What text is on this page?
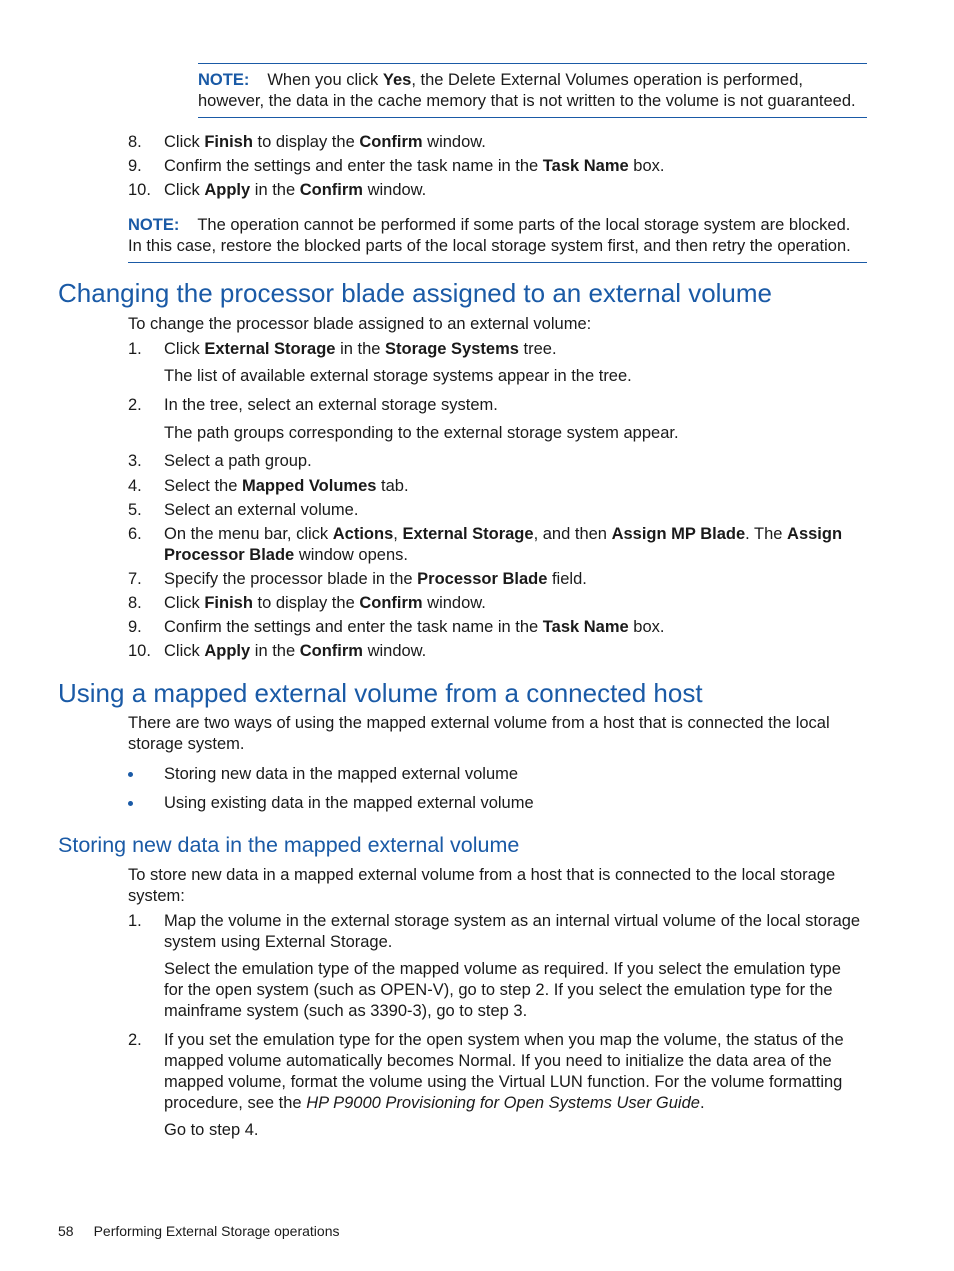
NOTE: When you click Yes, the Delete External Volumes operation is performed,
however, the data in the cache memory that is not written to the volume is not guaranteed.
8.	Click Finish to display the Confirm window.
9.	Confirm the settings and enter the task name in the Task Name box.
10. Click Apply in the Confirm window.
NOTE: The operation cannot be performed if some parts of the local storage system are blocked.
In this case, restore the blocked parts of the local storage system first, and then retry the operation.
Changing the processor blade assigned to an external volume
To change the processor blade assigned to an external volume:
1.	Click External Storage in the Storage Systems tree.
The list of available external storage systems appear in the tree.
2.	In the tree, select an external storage system.
The path groups corresponding to the external storage system appear.
3.	Select a path group.
4.	Select the Mapped Volumes tab.
5.	Select an external volume.
6.	On the menu bar, click Actions, External Storage, and then Assign MP Blade. The Assign
Processor Blade window opens.
7.	Specify the processor blade in the Processor Blade field.
8.	Click Finish to display the Confirm window.
9.	Confirm the settings and enter the task name in the Task Name box.
10. Click Apply in the Confirm window.
Using a mapped external volume from a connected host
There are two ways of using the mapped external volume from a host that is connected the local
storage system.
Storing new data in the mapped external volume
Using existing data in the mapped external volume
Storing new data in the mapped external volume
To store new data in a mapped external volume from a host that is connected to the local storage
system:
1.	Map the volume in the external storage system as an internal virtual volume of the local storage
system using External Storage.
Select the emulation type of the mapped volume as required. If you select the emulation type
for the open system (such as OPEN-V), go to step 2. If you select the emulation type for the
mainframe system (such as 3390-3), go to step 3.
2.	If you set the emulation type for the open system when you map the volume, the status of the
mapped volume automatically becomes Normal. If you need to initialize the data area of the
mapped volume, format the volume using the Virtual LUN function. For the volume formatting
procedure, see the HP P9000 Provisioning for Open Systems User Guide.
Go to step 4.
58 Performing External Storage operations
